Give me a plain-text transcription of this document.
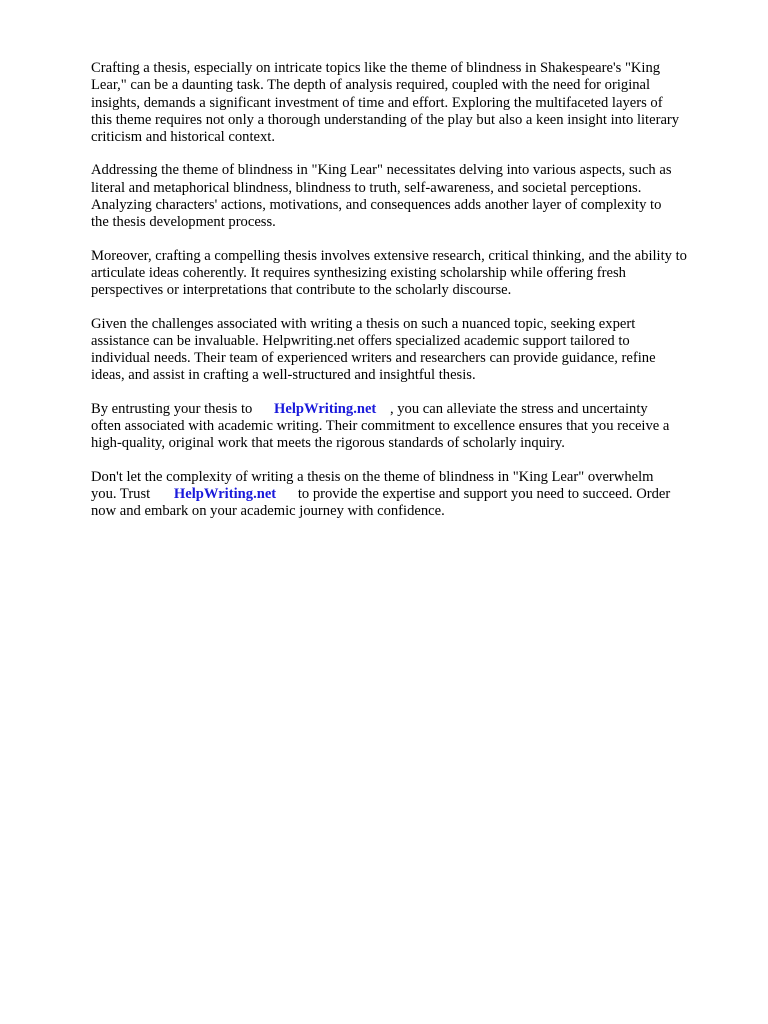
Crafting a thesis, especially on intricate topics like the theme of blindness in Shakespeare's "King
Lear," can be a daunting task. The depth of analysis required, coupled with the need for original
insights, demands a significant investment of time and effort. Exploring the multifaceted layers of
this theme requires not only a thorough understanding of the play but also a keen insight into literary
criticism and historical context.

Addressing the theme of blindness in "King Lear" necessitates delving into various aspects, such as
literal and metaphorical blindness, blindness to truth, self-awareness, and societal perceptions.
Analyzing characters' actions, motivations, and consequences adds another layer of complexity to
the thesis development process.

Moreover, crafting a compelling thesis involves extensive research, critical thinking, and the ability to
articulate ideas coherently. It requires synthesizing existing scholarship while offering fresh
perspectives or interpretations that contribute to the scholarly discourse.

Given the challenges associated with writing a thesis on such a nuanced topic, seeking expert
assistance can be invaluable. Helpwriting.net offers specialized academic support tailored to
individual needs. Their team of experienced writers and researchers can provide guidance, refine
ideas, and assist in crafting a well-structured and insightful thesis.

By entrusting your thesis to HelpWriting.net , you can alleviate the stress and uncertainty
often associated with academic writing. Their commitment to excellence ensures that you receive a
high-quality, original work that meets the rigorous standards of scholarly inquiry.

Don't let the complexity of writing a thesis on the theme of blindness in "King Lear" overwhelm
you. Trust HelpWriting.net to provide the expertise and support you need to succeed. Order
now and embark on your academic journey with confidence.
